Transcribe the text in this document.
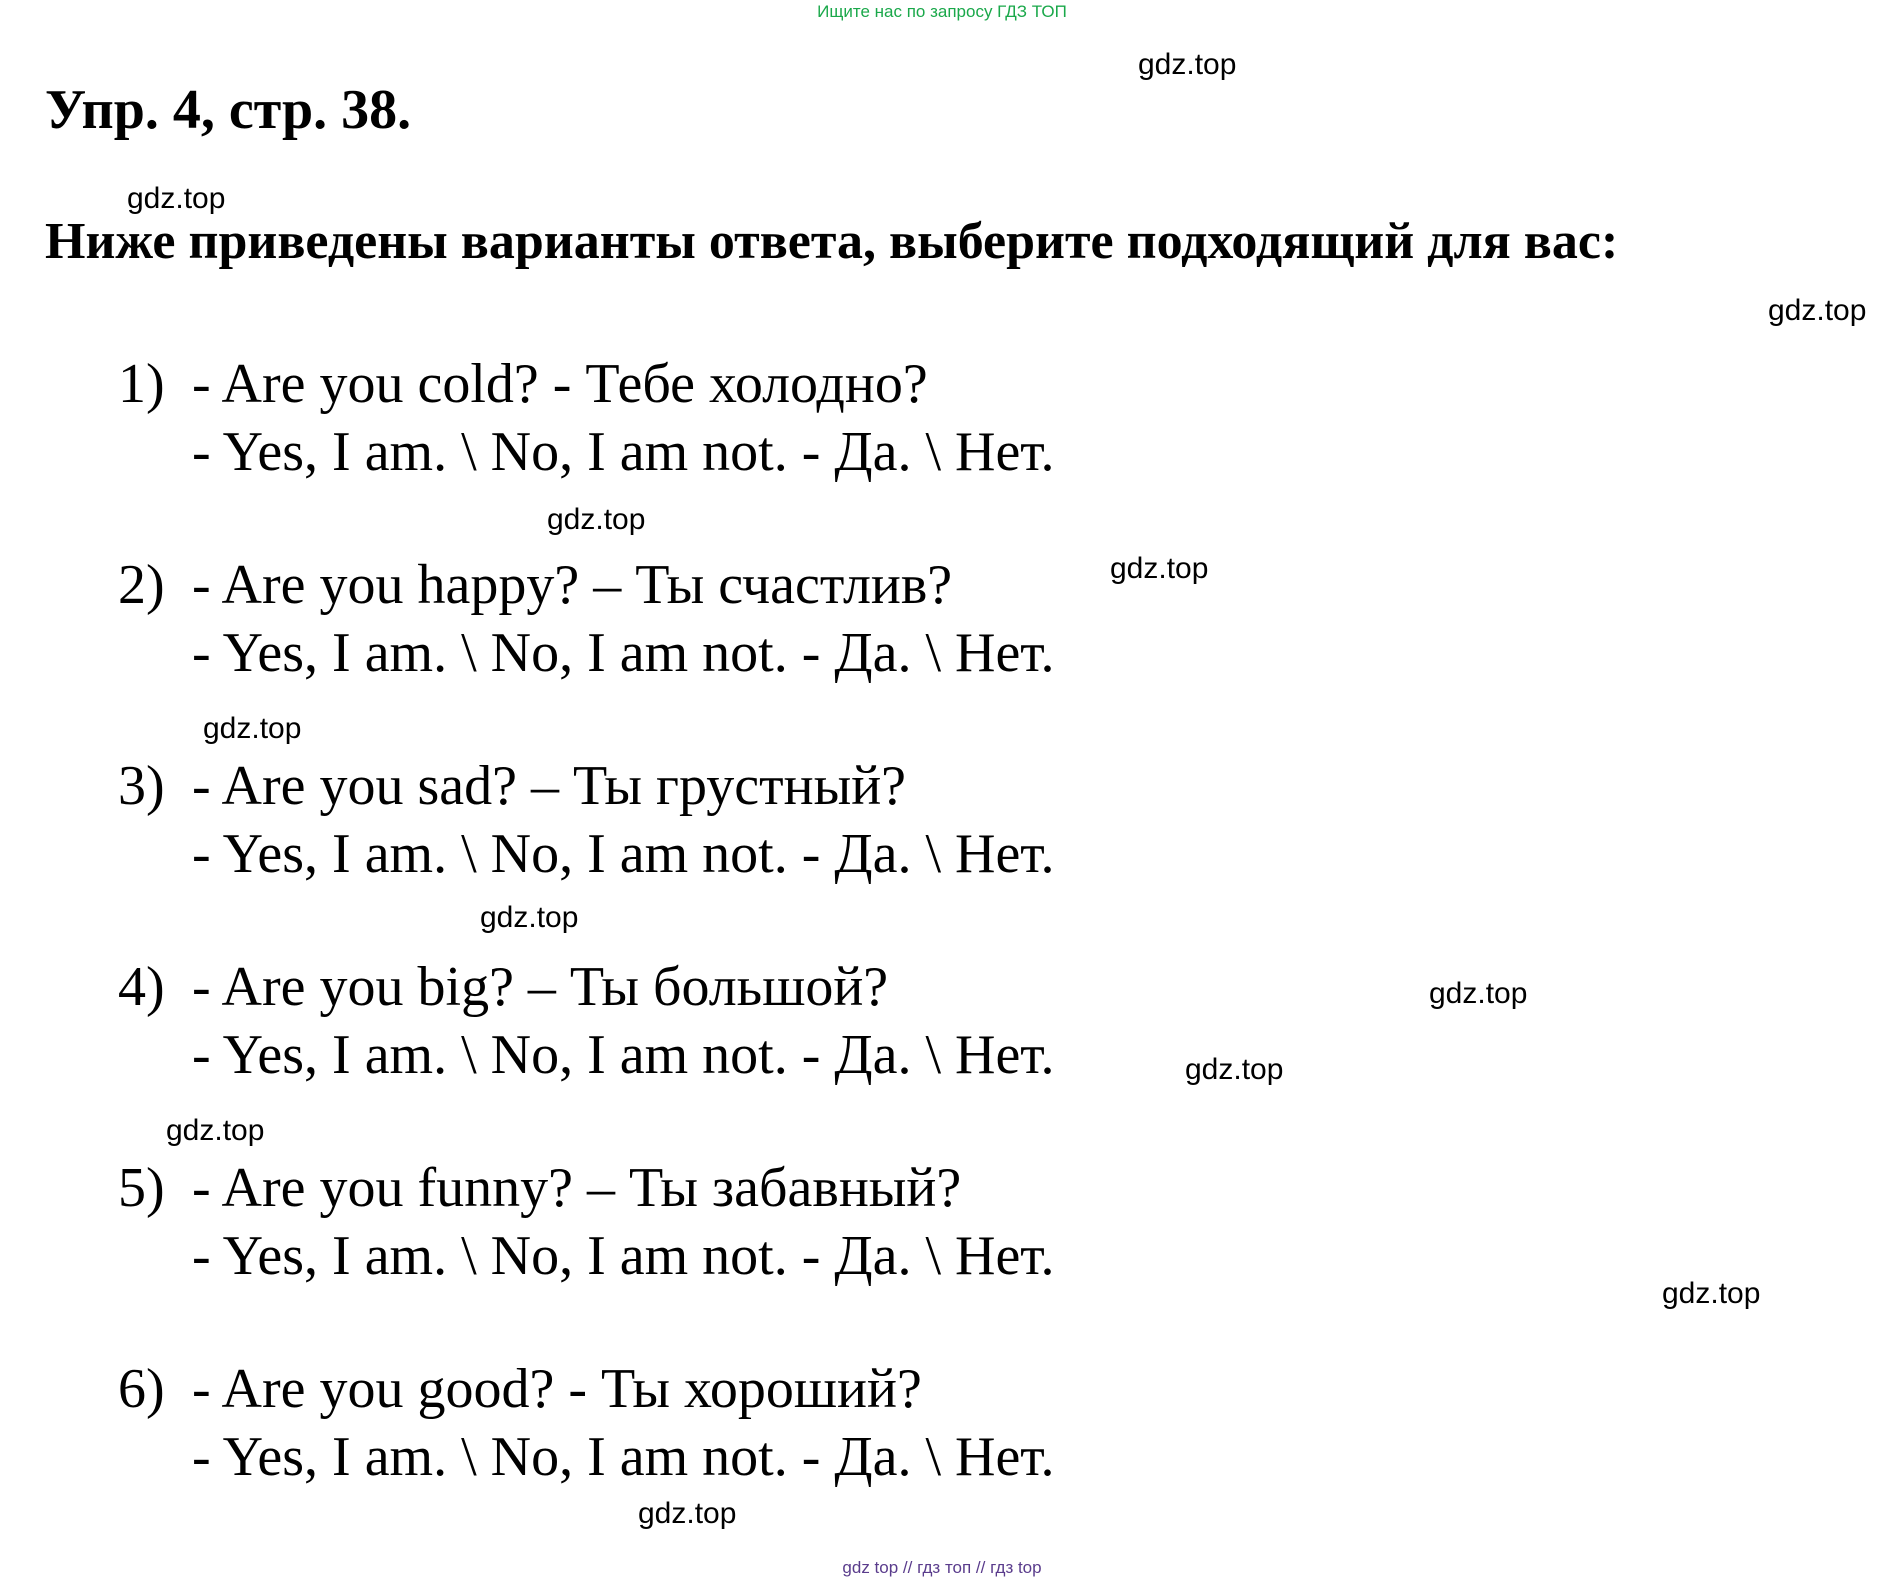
Ищите нас по запросу ГДЗ ТОП
gdz.top
Упр. 4, стр. 38.
gdz.top
Ниже приведены варианты ответа, выберите подходящий для вас:
gdz.top
1) - Are you cold? - Тебе холодно?
- Yes, I am. \ No, I am not. - Да. \ Нет.
gdz.top
gdz.top
2) - Are you happy? – Ты счастлив?
- Yes, I am. \ No, I am not. - Да. \ Нет.
gdz.top
3) - Are you sad? – Ты грустный?
- Yes, I am. \ No, I am not. - Да. \ Нет.
gdz.top
4) - Are you big? – Ты большой?
- Yes, I am. \ No, I am not. - Да. \ Нет.
gdz.top
gdz.top
gdz.top
5) - Are you funny? – Ты забавный?
- Yes, I am. \ No, I am not. - Да. \ Нет.
gdz.top
6) - Are you good? - Ты хороший?
- Yes, I am. \ No, I am not. - Да. \ Нет.
gdz.top
gdz top // гдз топ // гдз top
